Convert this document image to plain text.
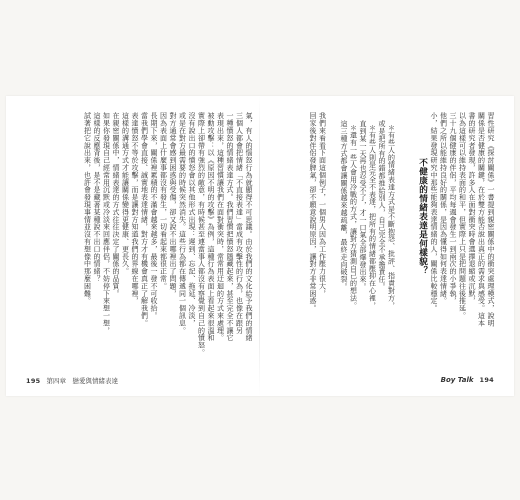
習性研究《探討關係》一書提到親密關係中的衝突處理模式，說明
關係是否健康的關鍵，在於雙方能否說出真正的需求與感受。這本
書的研究者發現，許多人在面對衝突時會選擇退縮或沉默，
以為這樣可以維持表面的和平，但實際上只是把問題往後推延。
三十九個健康的伴侶，平均每週會發生一到兩次的小爭執，
他們之所以能維持良好的關係，是因為懂得如何表達情緒。
小，結果發現研究中那些能夠表達情緒的人，關係比較穩定。
不健康的情緒表達是何樣貌？
＊有些人的情緒表達方式是不斷抱怨、批評、指責對方，
或是把所有的錯都推給別人，自己完全不承擔責任。
＊有些人則是完全不表達，把所有的情緒都壓抑在心裡，
直到某一天再也忍受不了，才一口氣全部爆發出來。
＊還有一些人會用冷戰的方式，讓對方猜測自己的想法。
這三種方式都會讓關係越來越疏離，最終走向破裂。
我們來看看下面這個例子，一個男人因為工作壓力很大，
回家後對伴侶發脾氣，卻不願意說明原因，讓對方非常困惑。
氣，有人的惱怒行為就顯得不可思議。由於我們的文化給予我們的情緒
三個人都會把情緒「不直接表達」當成有攻擊性的行為，也像在跟另
一種憤怒的情緒表達方式。我們習慣把憤怒隱藏起來，甚至完全不讓它
表現出來，這種習慣讓我們在面對衝突時，常常用迂迴的方式來處理。
被動攻擊：以《原因不明的攻擊》為例，這種行為表面上看起來很溫和
實際上卻帶有強烈的敵意，有時候甚至連當事人都沒有察覺到自己的憤怒。
沒有說出口的憤怒會以其他形式出現：遲到、忘記、拖延、冷淡，
或是在對方最需要的時候突然消失。這些行為都在傳遞同一個訊息。
對方通常會感到困惑與受傷，卻又說不出哪裡出了問題，
因為表面上什麼事都沒有發生，一切看起來都很正常。
長期下來，關係裡累積的不滿會越來越多，最後一發不可收拾。
當我們學會直接、誠實地表達情緒，對方才有機會真正了解我們。
表達憤怒不等於攻擊，而是讓對方知道我們的界線在哪裡，
這樣的溝通方式才能讓關係變得更健康、更長久。
在親密關係中，情緒表達的方式往往決定了關係的品質。
如果你發現自己經常用沉默或冷淡來回應伴侶，不妨停下來想一想，
這樣的反應背後，是不是藏著某種說不出口的情緒？
試著把它說出來，也許會發現事情並沒有想像中那麼困難。
195 第四章　戀愛與情緒表達	Boy Talk 194
